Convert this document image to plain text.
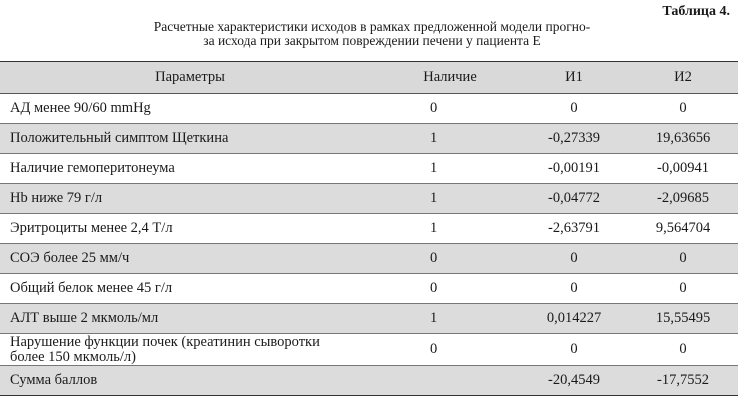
Таблица 4.
Расчетные характеристики исходов в рамках предложенной модели прогно-
за исхода при закрытом повреждении печени у пациента Е
Параметры	Наличие	И1	И2
АД менее 90/60 mmHg	0	0	0
Положительный симптом Щеткина	1	-0,27339	19,63656
Наличие гемоперитонеума	1	-0,00191	-0,00941
Hb ниже 79 г/л	1	-0,04772	-2,09685
Эритроциты менее 2,4 Т/л	1	-2,63791	9,564704
СОЭ более 25 мм/ч	0	0	0
Общий белок менее 45 г/л	0	0	0
АЛТ выше 2 мкмоль/мл	1	0,014227	15,55495

Нарушение функции почек (креатинин сыворотки
более 150 мкмоль/л)	0	0	0
Сумма баллов		-20,4549	-17,7552
